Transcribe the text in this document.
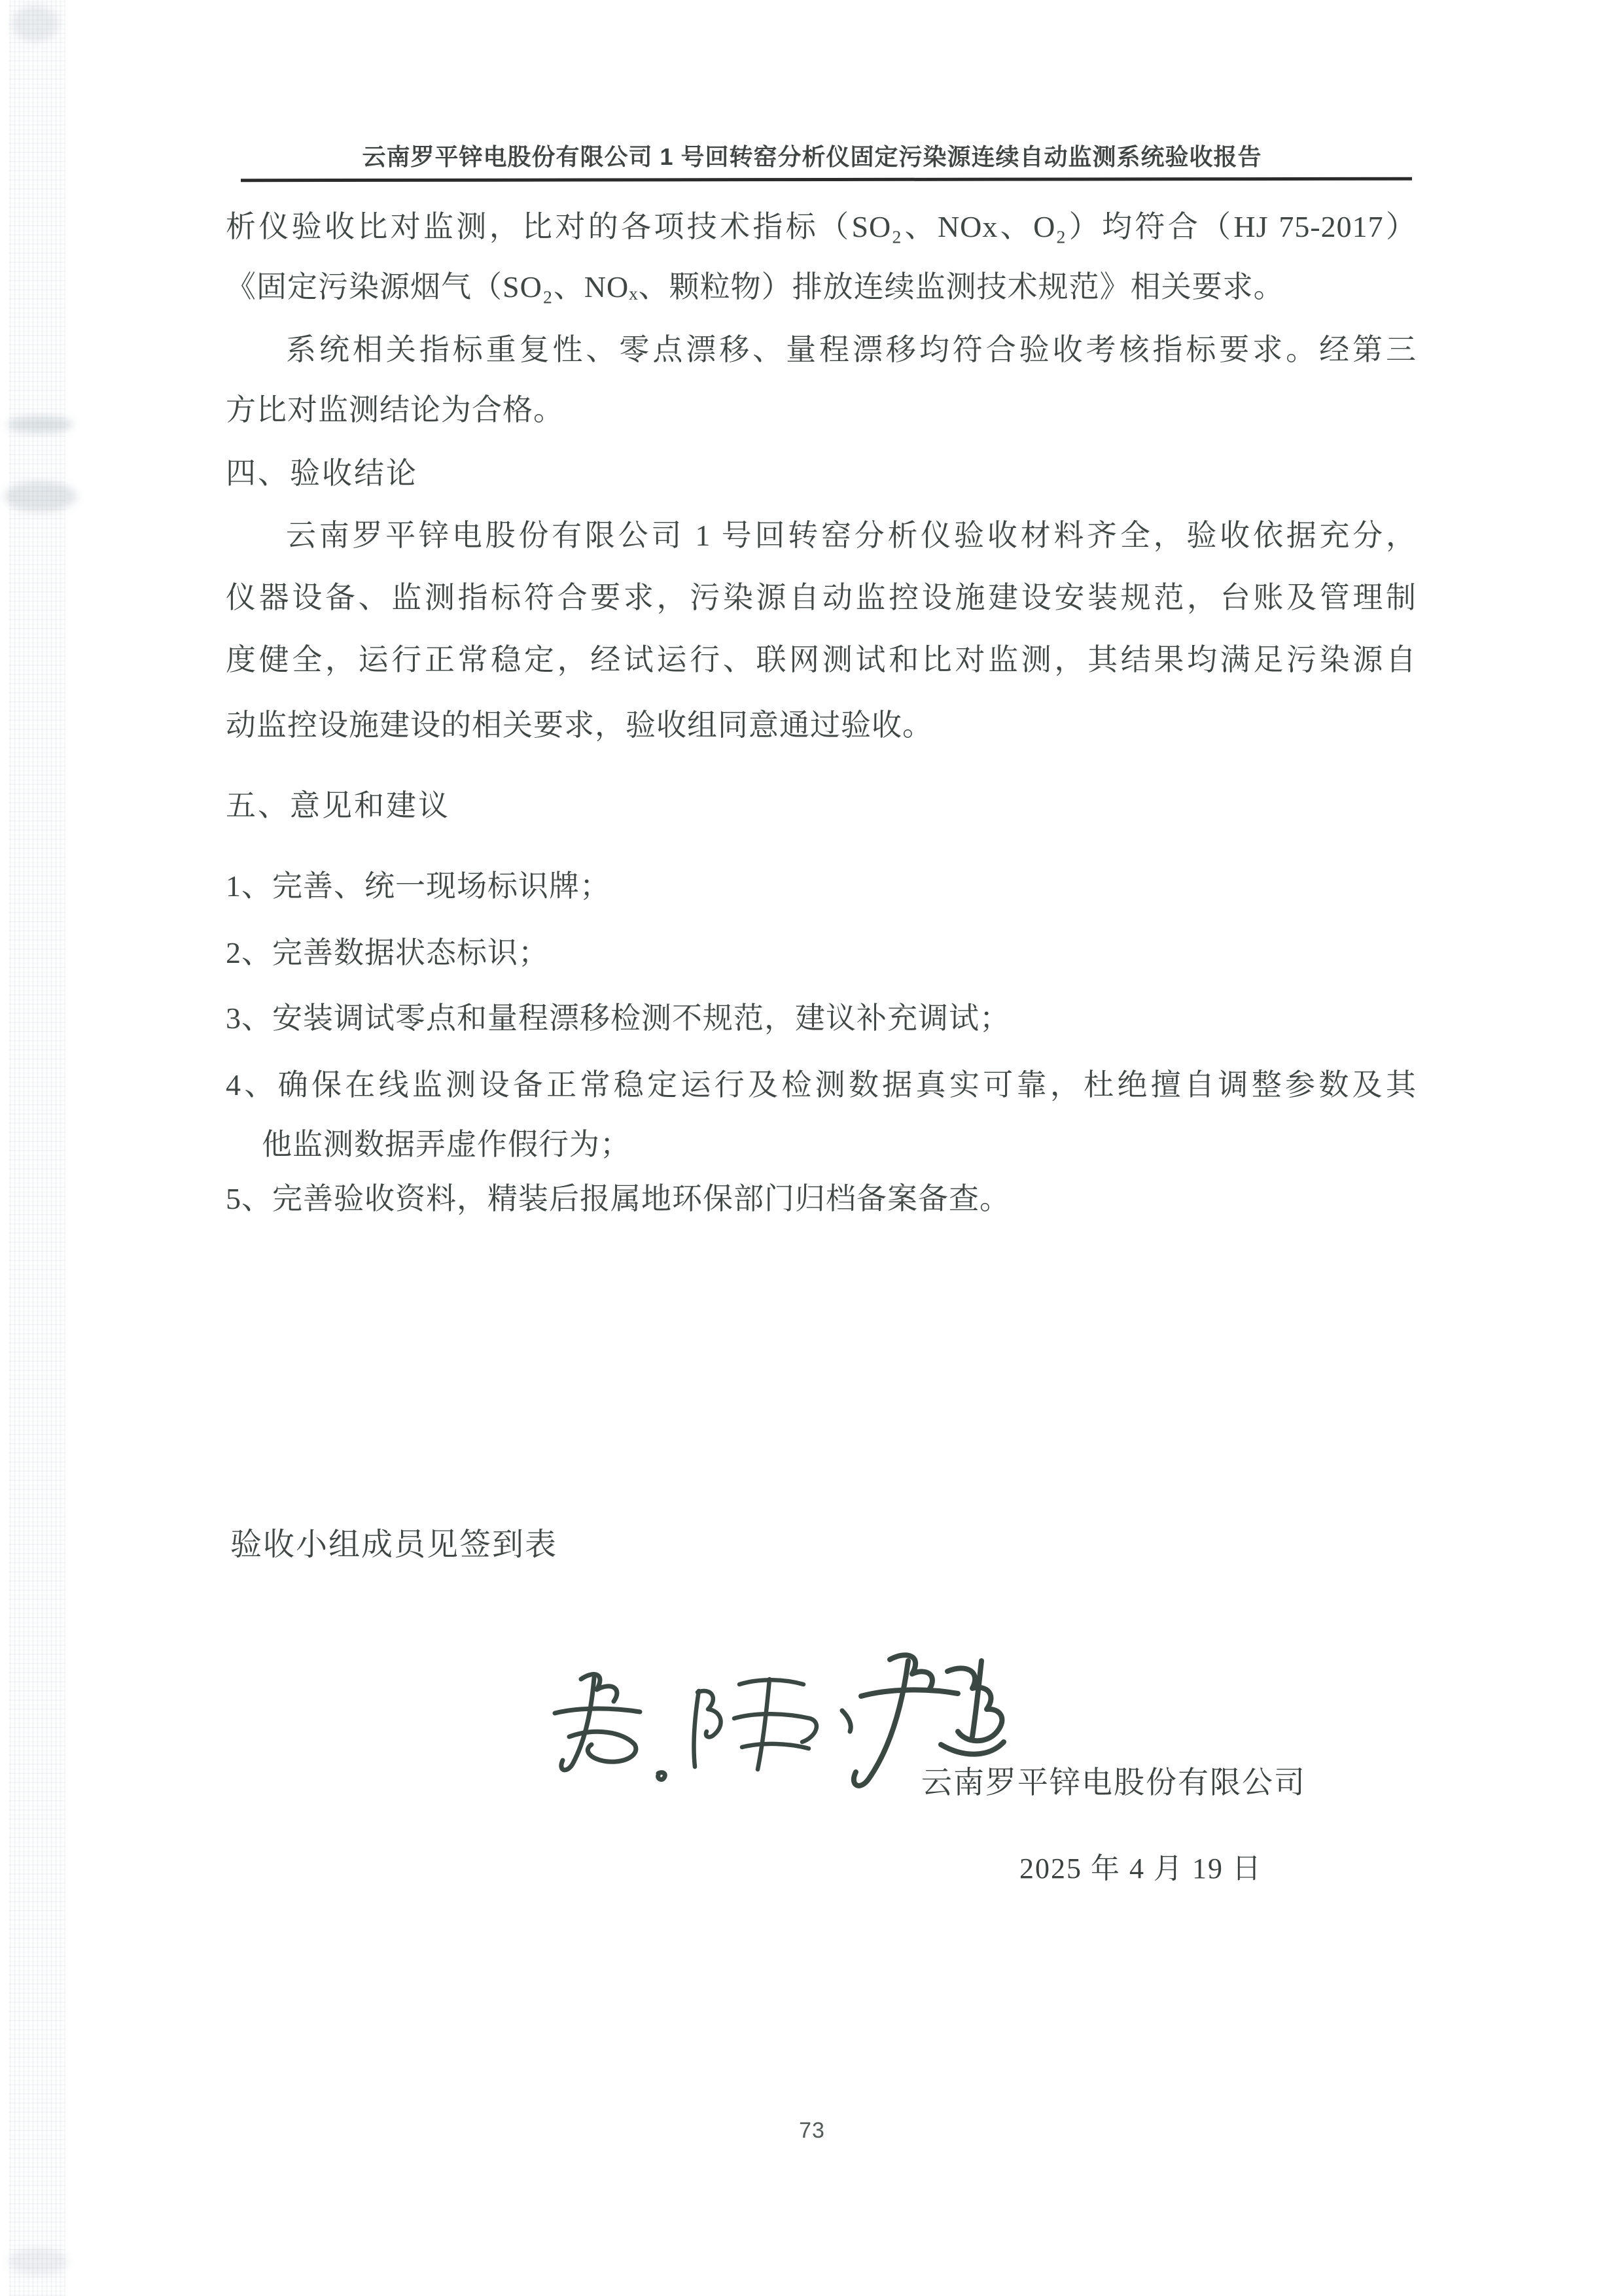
云南罗平锌电股份有限公司 1 号回转窑分析仪固定污染源连续自动监测系统验收报告
析仪验收比对监测，比对的各项技术指标（SO₂、NOx、O₂）均符合（HJ 75-2017）
《固定污染源烟气（SO₂、NOₓ、颗粒物）排放连续监测技术规范》相关要求。
系统相关指标重复性、零点漂移、量程漂移均符合验收考核指标要求。经第三
方比对监测结论为合格。
四、验收结论
云南罗平锌电股份有限公司 1 号回转窑分析仪验收材料齐全，验收依据充分，
仪器设备、监测指标符合要求，污染源自动监控设施建设安装规范，台账及管理制
度健全，运行正常稳定，经试运行、联网测试和比对监测，其结果均满足污染源自
动监控设施建设的相关要求，验收组同意通过验收。
五、意见和建议
1、完善、统一现场标识牌；
2、完善数据状态标识；
3、安装调试零点和量程漂移检测不规范，建议补充调试；
4、确保在线监测设备正常稳定运行及检测数据真实可靠，杜绝擅自调整参数及其
他监测数据弄虚作假行为；
5、完善验收资料，精装后报属地环保部门归档备案备查。
验收小组成员见签到表
云南罗平锌电股份有限公司
2025 年 4 月 19 日
73
